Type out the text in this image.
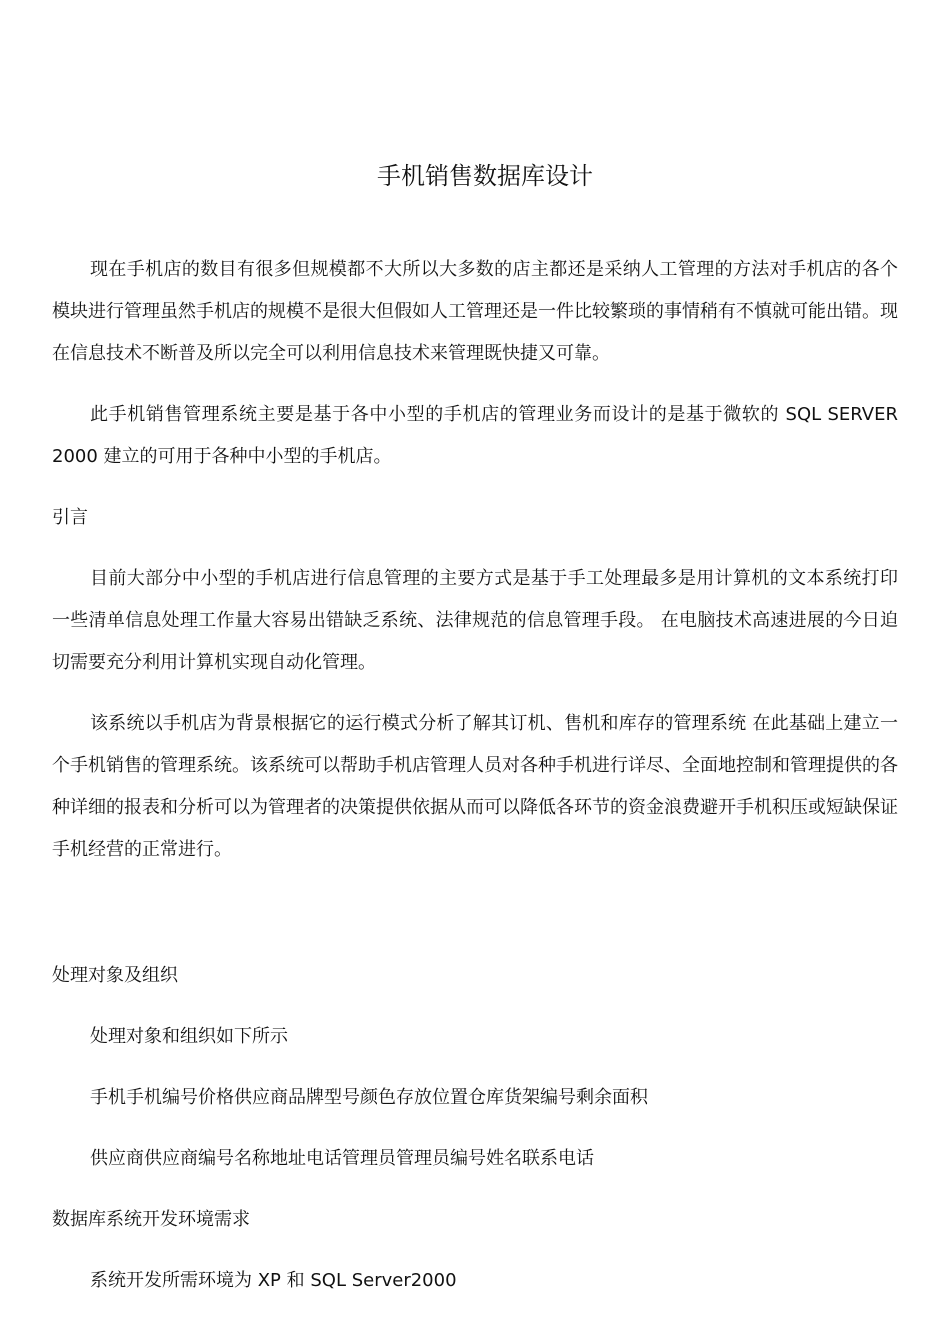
手机销售数据库设计

现在手机店的数目有很多但规模都不大所以大多数的店主都还是采纳人工管理的方法对手机店的各个模块进行管理虽然手机店的规模不是很大但假如人工管理还是一件比较繁琐的事情稍有不慎就可能出错。现在信息技术不断普及所以完全可以利用信息技术来管理既快捷又可靠。

此手机销售管理系统主要是基于各中小型的手机店的管理业务而设计的是基于微软的 SQL SERVER 2000 建立的可用于各种中小型的手机店。

引言

目前大部分中小型的手机店进行信息管理的主要方式是基于手工处理最多是用计算机的文本系统打印一些清单信息处理工作量大容易出错缺乏系统、法律规范的信息管理手段。 在电脑技术高速进展的今日迫切需要充分利用计算机实现自动化管理。

该系统以手机店为背景根据它的运行模式分析了解其订机、售机和库存的管理系统 在此基础上建立一个手机销售的管理系统。该系统可以帮助手机店管理人员对各种手机进行详尽、全面地控制和管理提供的各种详细的报表和分析可以为管理者的决策提供依据从而可以降低各环节的资金浪费避开手机积压或短缺保证手机经营的正常进行。

处理对象及组织

处理对象和组织如下所示

手机手机编号价格供应商品牌型号颜色存放位置仓库货架编号剩余面积

供应商供应商编号名称地址电话管理员管理员编号姓名联系电话

数据库系统开发环境需求

系统开发所需环境为 XP 和 SQL Server2000
